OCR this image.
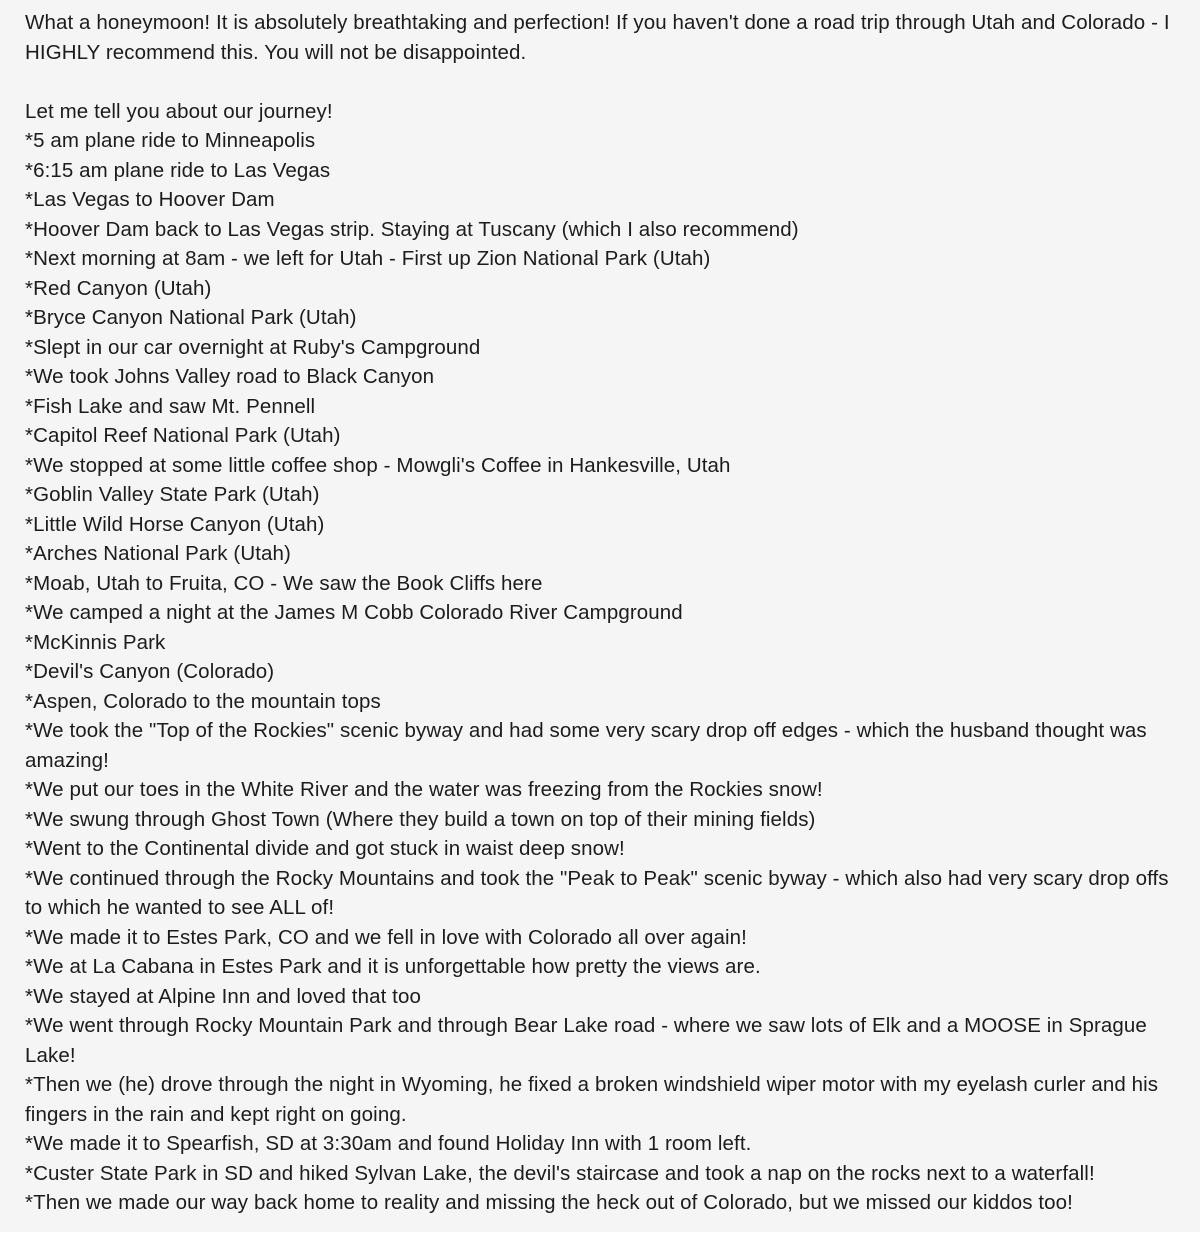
What a honeymoon! It is absolutely breathtaking and perfection! If you haven't done a road trip through Utah and Colorado - I HIGHLY recommend this. You will not be disappointed.

Let me tell you about our journey!

*5 am plane ride to Minneapolis

*6:15 am plane ride to Las Vegas

*Las Vegas to Hoover Dam

*Hoover Dam back to Las Vegas strip. Staying at Tuscany (which I also recommend)

*Next morning at 8am - we left for Utah - First up Zion National Park (Utah)

*Red Canyon (Utah)

*Bryce Canyon National Park (Utah)

*Slept in our car overnight at Ruby's Campground

*We took Johns Valley road to Black Canyon

*Fish Lake and saw Mt. Pennell

*Capitol Reef National Park (Utah)

*We stopped at some little coffee shop - Mowgli's Coffee in Hankesville, Utah

*Goblin Valley State Park (Utah)

*Little Wild Horse Canyon (Utah)

*Arches National Park (Utah)

*Moab, Utah to Fruita, CO - We saw the Book Cliffs here

*We camped a night at the James M Cobb Colorado River Campground

*McKinnis Park

*Devil's Canyon (Colorado)

*Aspen, Colorado to the mountain tops

*We took the "Top of the Rockies" scenic byway and had some very scary drop off edges - which the husband thought was amazing!

*We put our toes in the White River and the water was freezing from the Rockies snow!

*We swung through Ghost Town (Where they build a town on top of their mining fields)

*Went to the Continental divide and got stuck in waist deep snow!

*We continued through the Rocky Mountains and took the "Peak to Peak" scenic byway - which also had very scary drop offs to which he wanted to see ALL of!

*We made it to Estes Park, CO and we fell in love with Colorado all over again!

*We at La Cabana in Estes Park and it is unforgettable how pretty the views are.

*We stayed at Alpine Inn and loved that too

*We went through Rocky Mountain Park and through Bear Lake road - where we saw lots of Elk and a MOOSE in Sprague Lake!

*Then we (he) drove through the night in Wyoming, he fixed a broken windshield wiper motor with my eyelash curler and his fingers in the rain and kept right on going.

*We made it to Spearfish, SD at 3:30am and found Holiday Inn with 1 room left.

*Custer State Park in SD and hiked Sylvan Lake, the devil's staircase and took a nap on the rocks next to a waterfall!

*Then we made our way back home to reality and missing the heck out of Colorado, but we missed our kiddos too!
